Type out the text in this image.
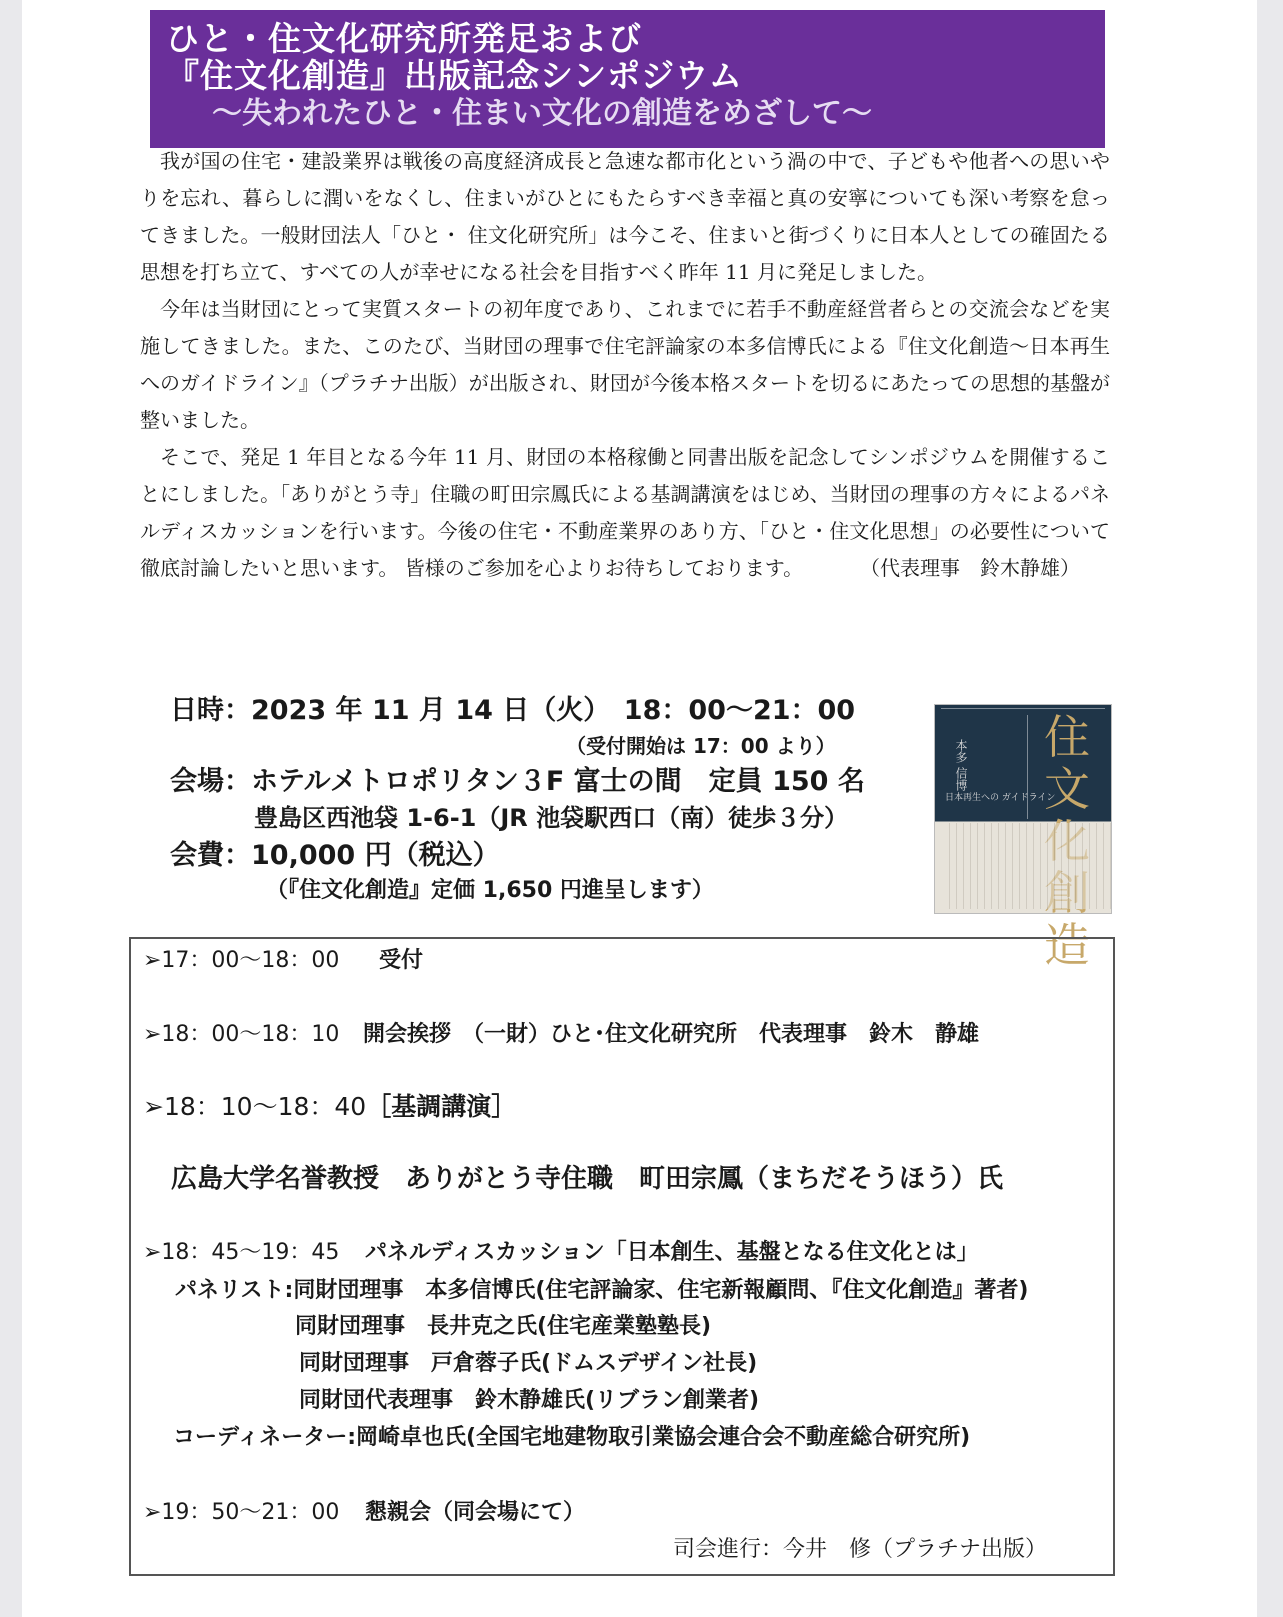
ひと・住文化研究所発足および
『住文化創造』出版記念シンポジウム
〜失われたひと・住まい文化の創造をめざして〜

我が国の住宅・建設業界は戦後の高度経済成長と急速な都市化という渦の中で、子どもや他者への思いやりを忘れ、暮らしに潤いをなくし、住まいがひとにもたらすべき幸福と真の安寧についても深い考察を怠ってきました。一般財団法人「ひと・ 住文化研究所」は今こそ、住まいと街づくりに日本人としての確固たる思想を打ち立て、すべての人が幸せになる社会を目指すべく昨年 11 月に発足しました。

今年は当財団にとって実質スタートの初年度であり、これまでに若手不動産経営者らとの交流会などを実施してきました。また、このたび、当財団の理事で住宅評論家の本多信博氏による『住文化創造〜日本再生へのガイドライン』（プラチナ出版）が出版され、財団が今後本格スタートを切るにあたっての思想的基盤が整いました。

そこで、発足 1 年目となる今年 11 月、財団の本格稼働と同書出版を記念してシンポジウムを開催することにしました。「ありがとう寺」住職の町田宗鳳氏による基調講演をはじめ、当財団の理事の方々によるパネルディスカッションを行います。今後の住宅・不動産業界のあり方、「ひと・住文化思想」の必要性について徹底討論したいと思います。 皆様のご参加を心よりお待ちしております。	（代表理事　鈴木静雄）
日時：2023 年 11 月 14 日（火）　18：00〜21：00
（受付開始は 17：00 より）
会場：ホテルメトロポリタン３F 富士の間　定員 150 名
豊島区西池袋 1-6-1（JR 池袋駅西口（南）徒歩３分）
会費：10,000 円（税込）
（『住文化創造』定価 1,650 円進呈します）
住文 造
本多 信博
日本再生への ガイドライン
➢17：00〜18：00 受付
➢18：00〜18：10 開会挨拶　（一財）ひと･住文化研究所　代表理事　鈴木　静雄
➢18：10〜18：40［基調講演］
広島大学名誉教授　ありがとう寺住職　町田宗鳳（まちだそうほう）氏
➢18：45〜19：45 パネルディスカッション「日本創生、基盤となる住文化とは」
パネリスト:同財団理事　本多信博氏(住宅評論家、住宅新報顧問、『住文化創造』著者)
同財団理事　長井克之氏(住宅産業塾塾長)
同財団理事　戸倉蓉子氏(ドムスデザイン社長)
同財団代表理事　鈴木静雄氏(リブラン創業者)
コーディネーター:岡崎卓也氏(全国宅地建物取引業協会連合会不動産総合研究所)
➢19：50〜21：00 懇親会（同会場にて）
司会進行：今井　修（プラチナ出版）
